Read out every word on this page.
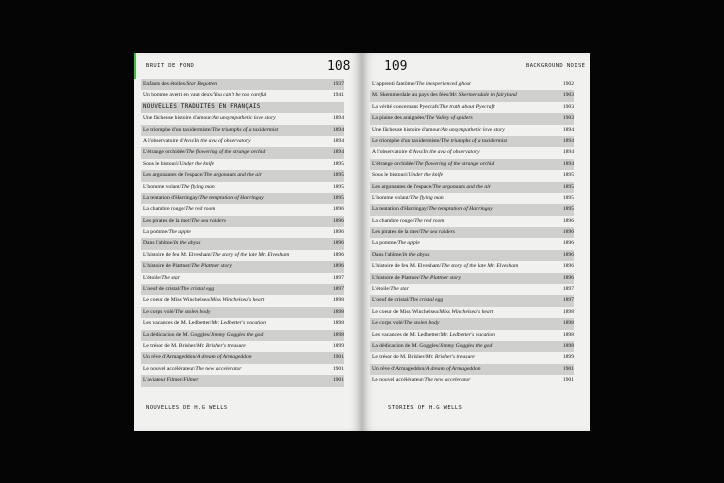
BRUIT DE FOND	108
Enfants des étoiles/Star Begotten	1937
Un homme averti en vaut deux/You can't be too careful	1941
NOUVELLES TRADUITES EN FRANÇAIS
Une fâcheuse histoire d'amour/An unsympathetic love story	1894
Le triomphe d'un taxidermiste/The triumphs of a taxidermist	1894
A l'observatoire d'Avu/In the avu of observatory	1894
L'étrange orchidée/The flowering of the strange orchid	1894
Sous le bistouri/Under the knife	1895
Les argonautes de l'espace/The argonauts and the air	1895
L'homme volant/The flying man	1895
La tentation d'Harringay/The temptation of Harringay	1895
La chambre rouge/The red room	1896
Les pirates de la mer/The sea raiders	1896
La pomme/The apple	1896
Dans l'abîme/In the abyss	1896
L'histoire de feu M. Elvesham/The story of the late Mr. Elvesham	1896
L'histoire de Plattner/The Plattner story	1896
L'étoile/The star	1897
L'oeuf de cristal/The cristal egg	1897
Le coeur de Miss Winchelsea/Miss Winchelsea's heart	1898
Le corps volé/The stolen body	1898
Les vacances de M. Ledbetter/Mr. Ledbetter's vacation	1898
La dédicacion de M. Goggles/Jimmy Goggles the god	1898
Le trésor de M. Brisher/Mr. Brisher's treasure	1899
Un rêve d'Armageddon/A dream of Armageddon	1901
Le nouvel accélérateur/The new accelerator	1901
L'aviateur Filmer/Filmer	1901
NOUVELLES DE H.G WELLS
109	BACKGROUND NOISE
L'apprenti fantôme/The inexperienced ghost	1902
M. Skemmerdale au pays des fées/Mr. Skermersdale in fairyland	1903
La vérité concernant Pyecraft/The truth about Pyecraft	1903
La plaine des araignées/The Valley of spiders	1903
Une fâcheuse histoire d'amour/An unsympathetic love story	1894
Le triomphe d'un taxidermiste/The triumphs of a taxidermist	1894
A l'observatoire d'Avu/In the avu of observatory	1894
L'étrange orchidée/The flowering of the strange orchid	1894
Sous le bistouri/Under the knife	1895
Les argonautes de l'espace/The argonauts and the air	1895
L'homme volant/The flying man	1895
La tentation d'Harringay/The temptation of Harringay	1895
La chambre rouge/The red room	1896
Les pirates de la mer/The sea raiders	1896
La pomme/The apple	1896
Dans l'abîme/In the abyss	1896
L'histoire de feu M. Elvesham/The story of the late Mr. Elvesham	1896
L'histoire de Plattner/The Plattner story	1896
L'étoile/The star	1897
L'oeuf de cristal/The cristal egg	1897
Le coeur de Miss Winchelsea/Miss Winchelsea's heart	1898
Le corps volé/The stolen body	1898
Les vacances de M. Ledbetter/Mr. Ledbetter's vacation	1898
La dédicacion de M. Goggles/Jimmy Goggles the god	1898
Le trésor de M. Brisher/Mr. Brisher's treasure	1899
Un rêve d'Armageddon/A dream of Armageddon	1901
Le nouvel accélérateur/The new accelerator	1901
STORIES OF H.G WELLS
